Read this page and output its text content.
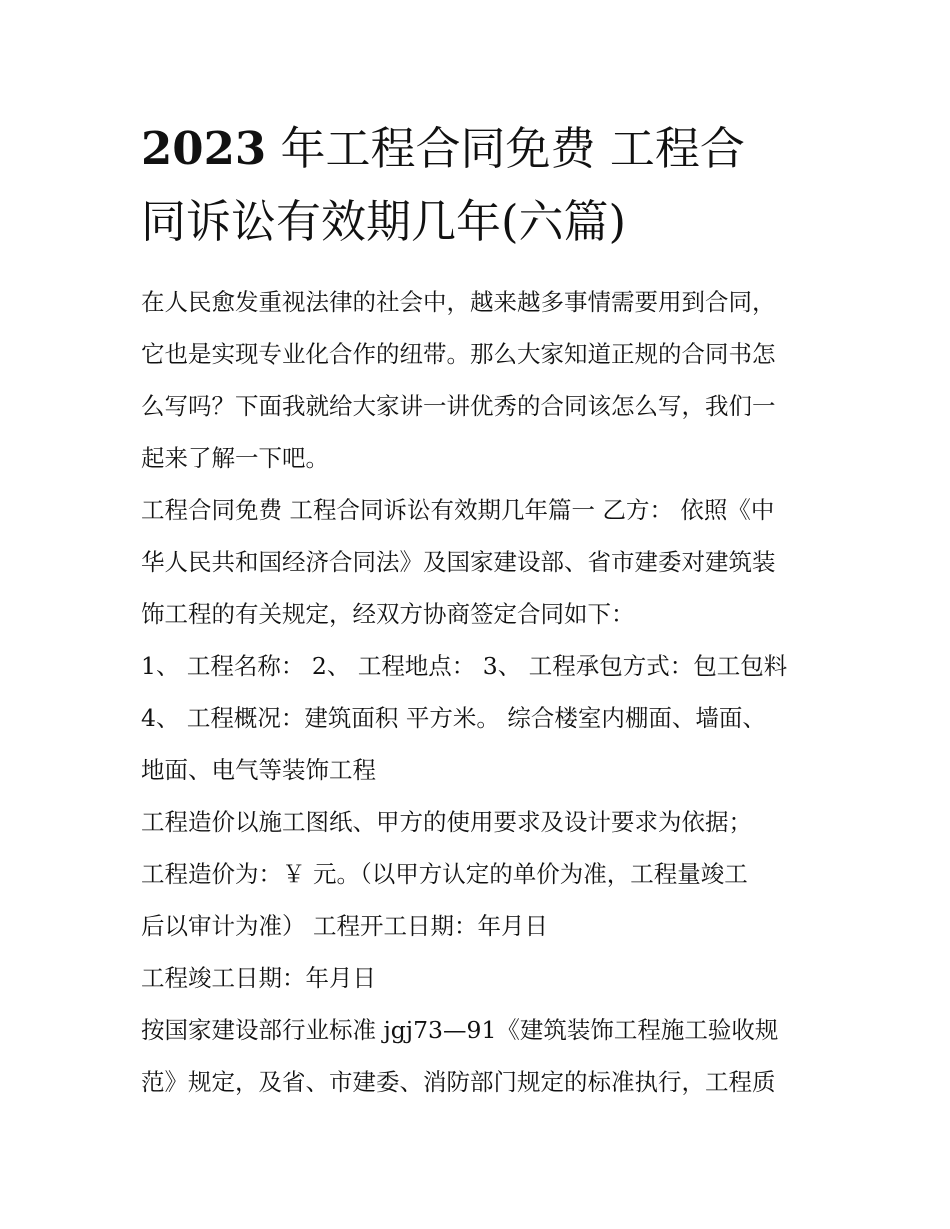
2023 年工程合同免费 工程合
同诉讼有效期几年(六篇)
在人民愈发重视法律的社会中，越来越多事情需要用到合同，
它也是实现专业化合作的纽带。那么大家知道正规的合同书怎
么写吗？下面我就给大家讲一讲优秀的合同该怎么写，我们一
起来了解一下吧。
工程合同免费 工程合同诉讼有效期几年篇一 乙方： 依照《中
华人民共和国经济合同法》及国家建设部、省市建委对建筑装
饰工程的有关规定，经双方协商签定合同如下：
1、 工程名称： 2、 工程地点： 3、 工程承包方式：包工包料
4、 工程概况：建筑面积 平方米。 综合楼室内棚面、墙面、
地面、电气等装饰工程
工程造价以施工图纸、甲方的使用要求及设计要求为依据；
工程造价为：￥ 元。（以甲方认定的单价为准，工程量竣工
后以审计为准） 工程开工日期：年月日
工程竣工日期：年月日
按国家建设部行业标准 jgj73—91《建筑装饰工程施工验收规
范》规定，及省、市建委、消防部门规定的标准执行，工程质
